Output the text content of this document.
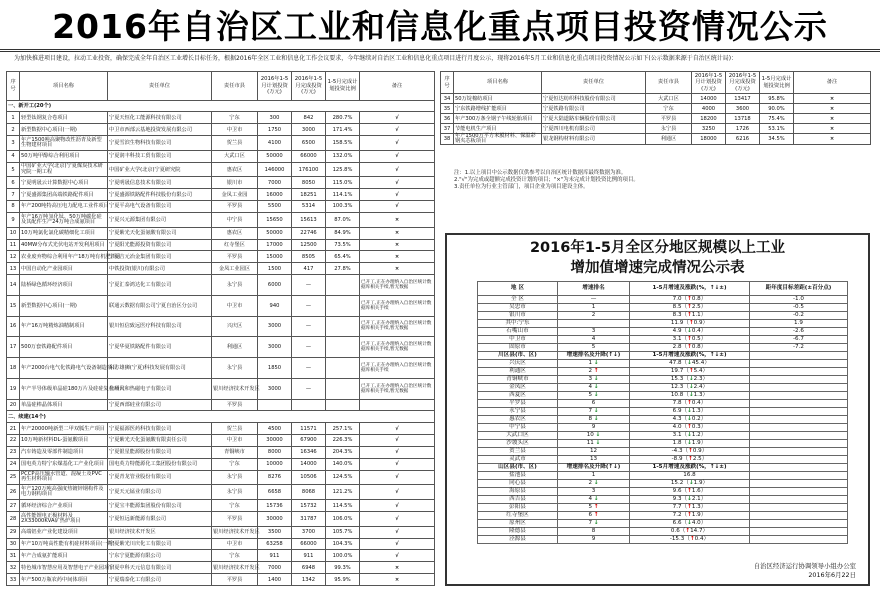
2016年自治区工业和信息化重点项目投资情况公示
为加快推进项目建设，拉动工业投资，确保完成全年自治区工业增长目标任务，根据2016年全区工业和信息化工作会议要求，今年继续对自治区工业和信息化重点项目进行月度公示，现将2016年5月工业和信息化重点项目投资情况公示如下(公示数据来源于自治区统计局)：
序号	项目名称	责任单位	责任市县	2016年1-5月计划投资(万元)	2016年1-5月完成投资(万元)	1-5月完成计划投资比例	备注
一、新开工(20个)							
1	轻型钛钢复合卷项目	宁夏天恒化工能源科技有限公司	宁东	300	842	280.7%	√
2	新型数据中心项目(一期)	中卫市西部云基地投资发展有限公司	中卫市	1750	3000	171.4%	√
3	年产1500吨高聚物改性沥青及新型生物建材项目	宁夏雪滨生物科技有限公司	贺兰县	4100	6500	158.5%	√
4	50万吨甲醇综合利用项目	宁夏润丰科技工贸有限公司	大武口区	50000	66000	132.0%	√
5	中国矿业大学(北京)宁夏煤炭技术研究院一期工程	中国矿业大学(北京)宁夏研究院	惠农区	146000	176100	125.8%	√
6	宁夏明晟云计算数据中心项目	宁夏明晟信息技术有限公司	银川市	7000	8050	115.0%	√
7	宁夏盛源集团高端铁路配件项目	宁夏盛源铁路配件科技股份有限公司	金凤工业园	16000	18251	114.1%	√
8	年产200吨特高压电力配电工业件项目	宁夏平高电气设备有限公司	平罗县	5500	5314	100.3%	√
9	年产16万吨氢化钛、50万吨碳化硅及其配件生产24万吨合成氨项目	宁夏兴元源集团有限公司	中宁县	15650	15613	87.0%	×
10	10万吨氯化氯化碳精细化工项目	宁夏紫光天化蛋氨酸有限公司	惠农区	50000	22746	84.9%	×
11	40MW分布式光伏电站开发利用项目	宁夏阳光能源投资有限公司	红寺堡区	17000	12500	73.5%	×
12	农业废弃物综合利用年产18万吨有机肥项目	宁夏吉元冶金集团有限公司	平罗县	15000	8505	65.4%	×
13	中国自动化产业园项目	中铁投资(银川)有限公司	金凤工业园区	1500	417	27.8%	×
14	陆桥绿色循环经济项目	宁夏汇泰鸿达化工有限公司	永宁县	6000	—		已开工,正在办理纳入自治区统计数据库相关手续,暂无数据
15	新型数据中心项目(一期)	联通云数据有限公司宁夏自治区分公司	中卫市	940	—		已开工,正在办理纳入自治区统计数据库相关手续
16	年产16万吨精炼油精制项目	银川恒信致远医疗科技有限公司	兴庆区	3000	—		已开工,正在办理纳入自治区统计数据库相关手续,暂无数据
17	500万套铁路配件项目	宁夏华夏铁路配件有限公司	利通区	3000	—		已开工,正在办理纳入自治区统计数据库相关手续,暂无数据
18	年产2000台电气化铁路电气设备制造项目	东方雄狮(宁夏)科技发展有限公司	永宁县	1850	—		已开工,正在办理纳入自治区统计数据库相关手续
19	年产半导体级单晶硅180万片及硅硅复合项目	杭州大和热磁电子有限公司	银川经济技术开发区	3000	—		已开工,正在办理纳入自治区统计数据库相关手续,暂无数据
20	单晶硅棒晶体项目	宁夏西部硅业有限公司	平罗县				
二、续建(14个)							
21	年产20000吨新型二甲双胍生产项目	宁夏福源医药科技有限公司	贺兰县	4500	11571	257.1%	√
22	10万吨新材料DL-蛋氨酸项目	宁夏紫光天化蛋氨酸有限责任公司	中卫市	30000	67900	226.3%	√
23	汽车铸造及零部件制造项目	宁夏银星能源股份有限公司	青铜峡市	8000	16346	204.3%	√
24	国电英力特宁东煤基化工产业化项目	国电英力特能源化工集团股份有限公司	宁东	10000	14000	140.0%	√
25	PCCP高压输水管道、混凝土及PVC再生材料项目	宁夏青龙管业股份有限公司	永宁县	8276	10506	124.5%	√
26	年产120万吨高强度热镀锌钢构件及电力钢构项目	宁夏天元锰业有限公司	永宁县	6658	8068	121.2%	√
27	循环经济综合产业项目	宁夏宝丰能源集团股份有限公司	宁东	15736	15732	114.5%	√
28	高性能锂电正极材料及2X33000KVA矿热炉项目	宁夏恒远新能源有限公司	平罗县	30000	31787	106.0%	√
29	高端铝业产业化建设项目	银川经济技术开发区	银川经济技术开发区	3500	3700	105.7%	√
30	年产10万吨高性能有机硅材料项目(一期)	宁夏紫光川庆化工有限公司	中卫市	63258	66000	104.3%	√
31	年产合成氨扩能项目	宁东宁夏能源有限公司	宁东	911	911	100.0%	√
32	特色城市智慧应用及智慧电子产业园项目	宁夏中科天元信息有限公司	银川经济技术开发区	7000	6948	99.3%	×
33	年产500万瓶农药中间体项目	宁夏瑞泰化工有限公司	平罗县	1400	1342	95.9%	×
序号	项目名称	责任单位	责任市县	2016年1-5月计划投资(万元)	2016年1-5月完成投资(万元)	1-5月完成计划投资比例	备注
34	50万锭棉纺项目	宁夏恒达纺织科技股份有限公司	大武口区	14000	13417	95.8%	×
35	宁东铁路增线扩能项目	宁夏铁路有限公司	宁东	4000	3600	90.0%	×
36	年产300万条全钢子午线轮胎项目	宁夏大陆道路车辆股份有限公司	平罗县	18200	13718	75.4%	×
37	节能电机生产项目	宁夏四川电机有限公司	永宁县	3250	1726	53.1%	×
38	年产1500万平方米膜材料、保温彩钢夹芯板项目	银龙钢构材料有限公司	利通区	18000	6216	34.5%	×
注：1.以上项目中公示数据仅供参考以自治区统计数据库最终数据为准。
2."√"为完成或超额完成投资计划的项目；"×"为未完成计划投资比例的项目。
3.责任单位为行业主管部门，项目企业为项目建设主体。
2016年1-5月全区分地区规模以上工业
增加值增速完成情况公示表
地 区	增速排名	1-5月增速及涨跌(%，↑↓±)	距年度目标差距(±百分点)
全 区	—	7.0（↑0.8）	-1.0
吴忠市	1	8.5（↑2.5）	-0.5
银川市	2	8.3（↑1.1）	-0.2
其中:宁东		11.9（↑0.9）	1.9
石嘴山市	3	4.9（↓0.4）	-2.6
中卫市	4	3.1（↑0.5）	-6.7
固原市	5	2.8（↑0.8）	-7.2
川区县(市、区)	增速排名及升降(↑↓)	1-5月增速及涨跌(%，↑↓±)	
兴庆区	1 ↓	47.8（↓45.4）	
利通区	2 ↑	19.7（↑5.4）	
青铜峡市	3 ↓	15.3（↓2.3）	
金凤区	4 ↓	12.3（↓2.4）	
西夏区	5 ↓	10.8（↓1.3）	
平罗县	6	7.8（↑0.4）	
永宁县	7 ↓	6.9（↓1.3）	
惠农区	8 ↓	4.3（↓0.2）	
中宁县	9	4.0（↑0.3）	
大武口区	10 ↓	3.1（↓1.2）	
沙坡头区	11 ↓	1.8（↓1.9）	
贺兰县	12	-4.3（↑0.9）	
灵武市	13	-8.9（↑2.5）	
山区县(市、区)	增速排名及升降(↑↓)	1-5月增速及涨跌(%，↑↓±)	
盐池县	1	16.8	
同心县	2 ↓	15.2（↓1.9）	
海原县	3	9.6（↑1.6）	
西吉县	4 ↓	9.3（↓2.1）	
彭阳县	5 ↑	7.7（↑1.3）	
红寺堡区	6 ↑	7.2（↑1.9）	
原州区	7 ↓	6.6（↓4.0）	
隆德县	8	0.6（↑14.7）	
泾源县	9	-15.3（↑0.4）	
自治区经济运行协调领导小组办公室
2016年6月22日
